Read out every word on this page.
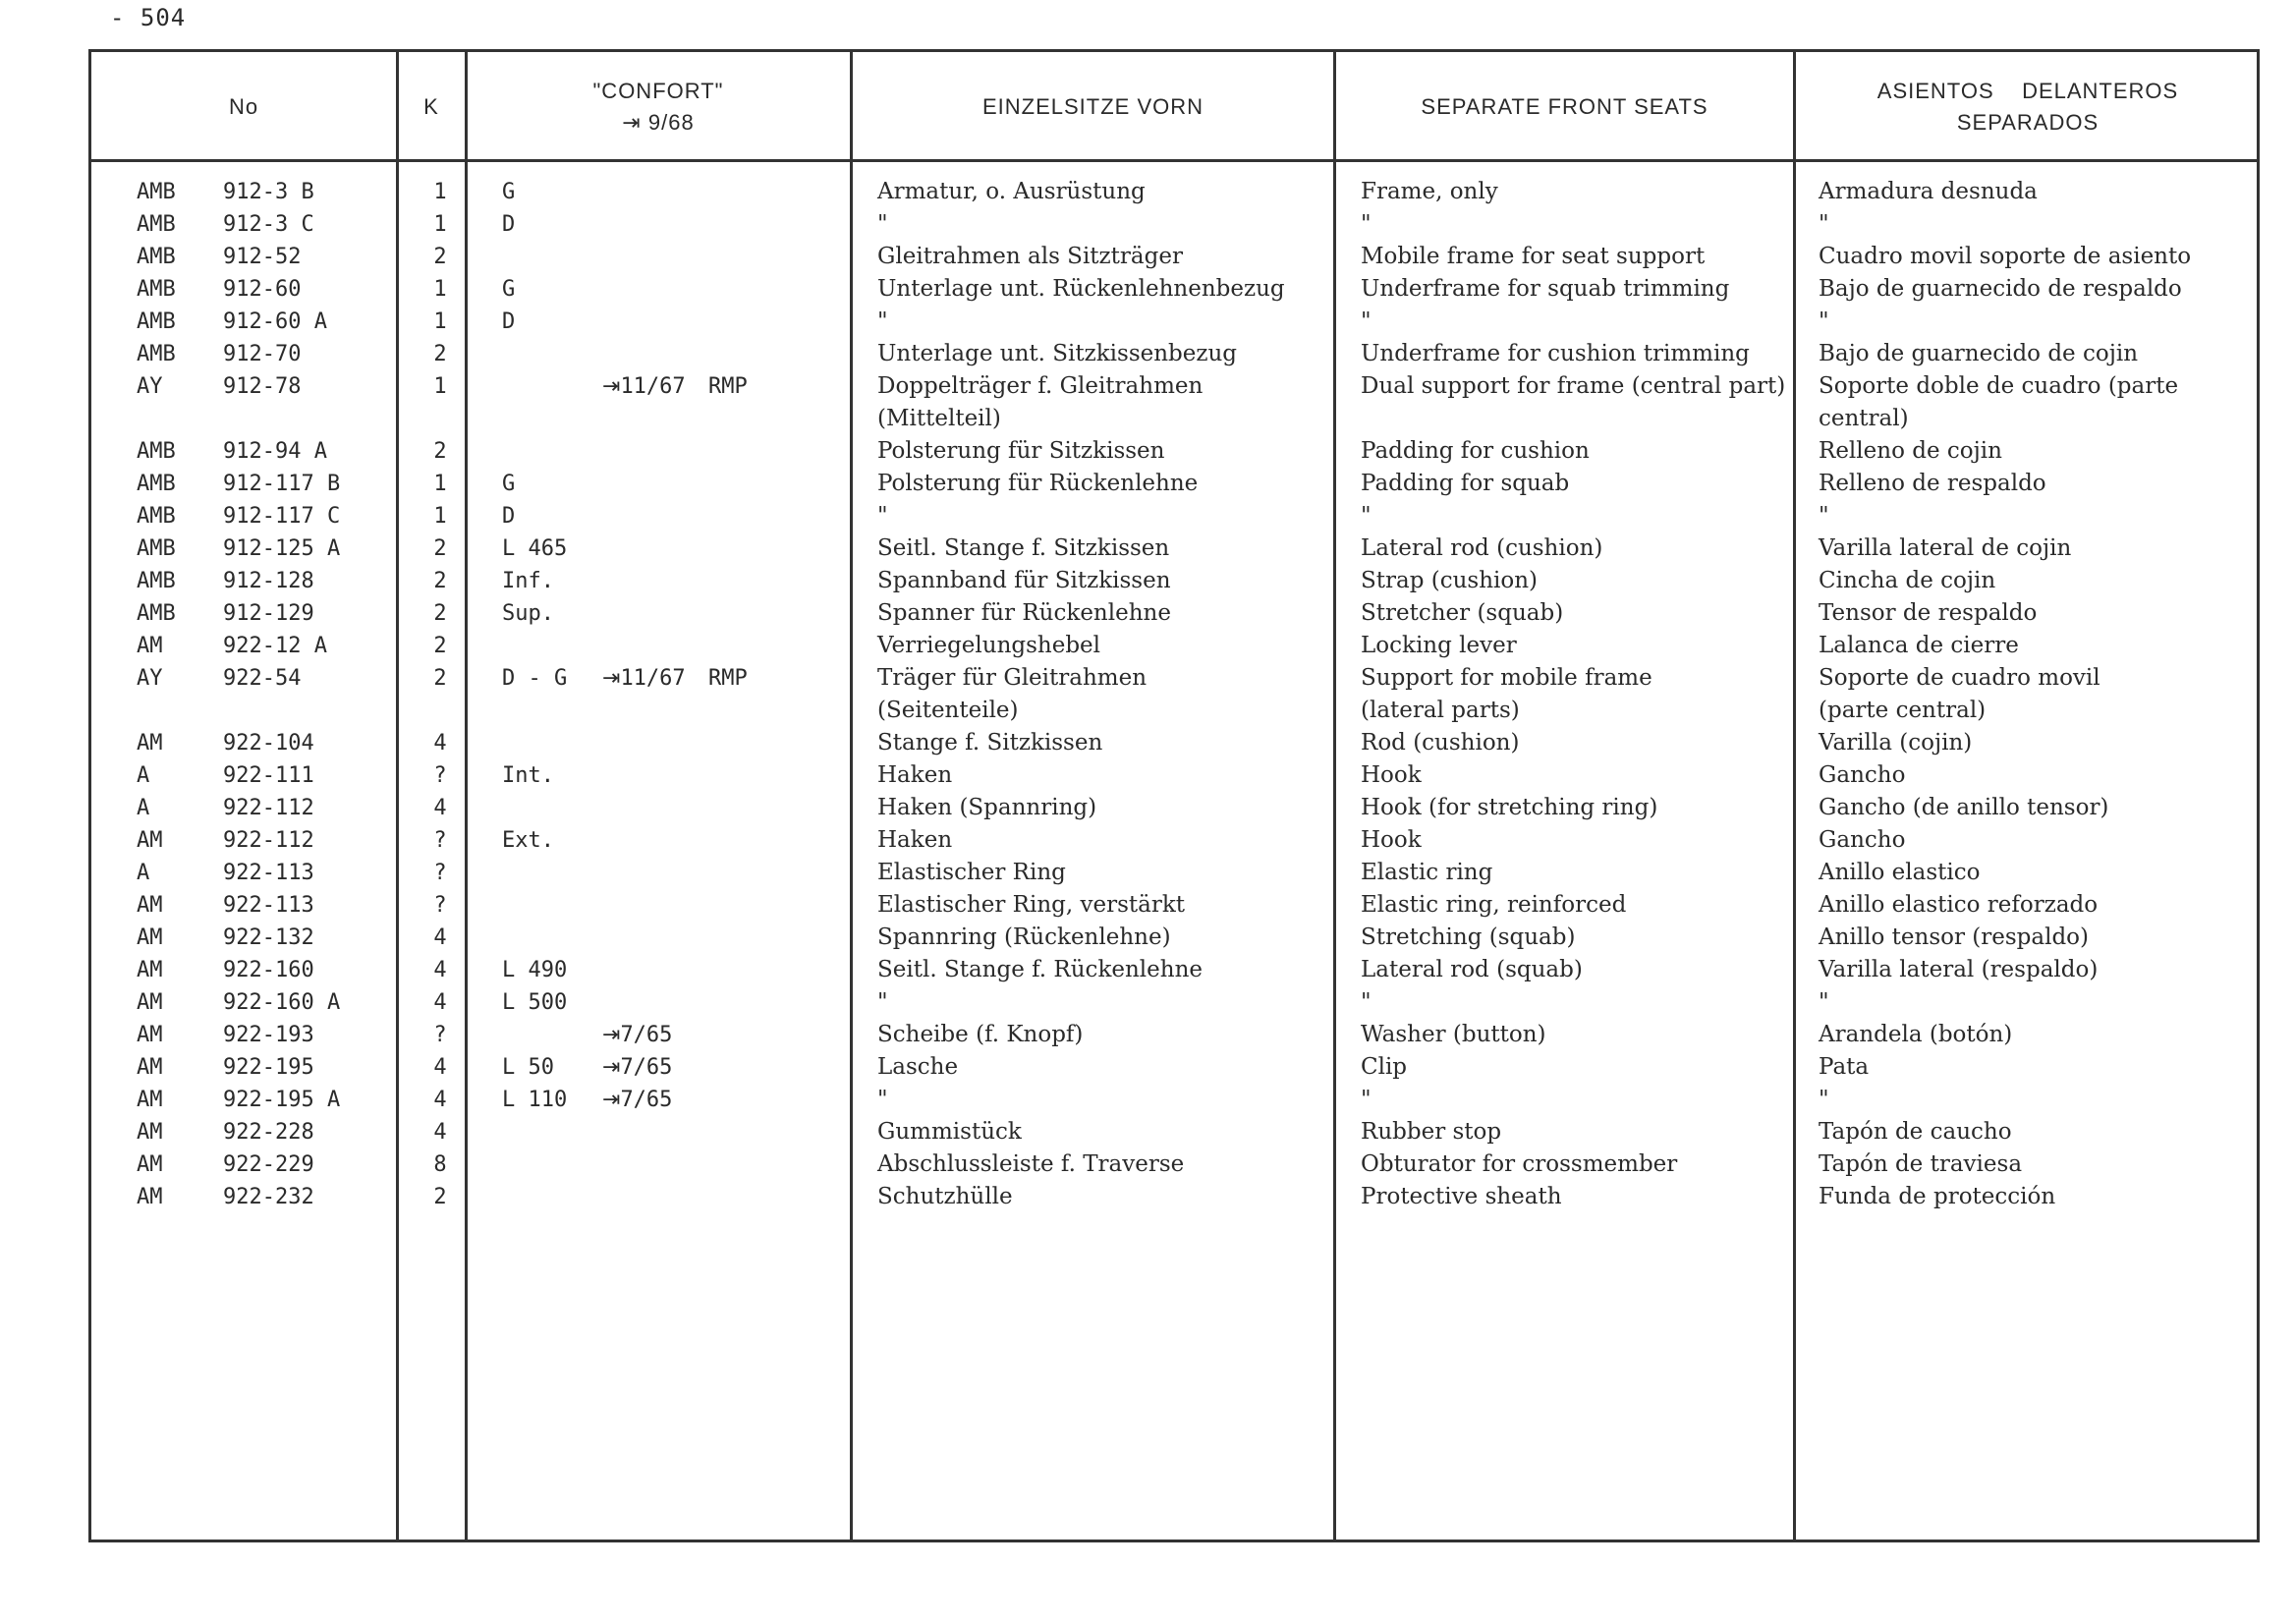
- 504
No	K
"CONFORT"
⇥ 9/68
EINZELSITZE VORN	SEPARATE FRONT SEATS
ASIENTOS    DELANTEROS
SEPARADOS
AMB 912-3 B	1	G	Armatur, o. Ausrüstung	Frame, only	Armadura desnuda
AMB 912-3 C	1	D	"	"	"
AMB 912-52	2	Gleitrahmen als Sitzträger	Mobile frame for seat support	Cuadro movil soporte de asiento
AMB 912-60	1	G	Unterlage unt. Rückenlehnenbezug	Underframe for squab trimming	Bajo de guarnecido de respaldo
AMB 912-60 A	1	D	"	"	"
AMB 912-70	2	Unterlage unt. Sitzkissenbezug	Underframe for cushion trimming	Bajo de guarnecido de cojin
AY	912-78	1	⇥11/67 RMP	Doppelträger f. Gleitrahmen	Dual support for frame (central part) Soporte doble de cuadro (parte
(Mittelteil)	central)
AMB 912-94 A	2	Polsterung für Sitzkissen	Padding for cushion	Relleno de cojin
AMB 912-117 B	1	G	Polsterung für Rückenlehne	Padding for squab	Relleno de respaldo
AMB 912-117 C	1	D	"	"	"
AMB 912-125 A	2	L 465	Seitl. Stange f. Sitzkissen	Lateral rod (cushion)	Varilla lateral de cojin
AMB 912-128	2	Inf.	Spannband für Sitzkissen	Strap (cushion)	Cincha de cojin
AMB 912-129	2	Sup.	Spanner für Rückenlehne	Stretcher (squab)	Tensor de respaldo
AM	922-12 A	2	Verriegelungshebel	Locking lever	Lalanca de cierre
AY	922-54	2	D - G ⇥11/67 RMP	Träger für Gleitrahmen	Support for mobile frame	Soporte de cuadro movil
(Seitenteile)	(lateral parts)	(parte central)
AM	922-104	4	Stange f. Sitzkissen	Rod (cushion)	Varilla (cojin)
A	922-111	?	Int.	Haken	Hook	Gancho
A	922-112	4	Haken (Spannring)	Hook (for stretching ring)	Gancho (de anillo tensor)
AM	922-112	?	Ext.	Haken	Hook	Gancho
A	922-113	?	Elastischer Ring	Elastic ring	Anillo elastico
AM	922-113	?	Elastischer Ring, verstärkt	Elastic ring, reinforced	Anillo elastico reforzado
AM	922-132	4	Spannring (Rückenlehne)	Stretching (squab)	Anillo tensor (respaldo)
AM	922-160	4	L 490	Seitl. Stange f. Rückenlehne	Lateral rod (squab)	Varilla lateral (respaldo)
AM	922-160 A	4	L 500	"	"	"
AM	922-193	?	⇥7/65	Scheibe (f. Knopf)	Washer (button)	Arandela (botón)
AM	922-195	4	L 50 ⇥7/65	Lasche	Clip	Pata
AM	922-195 A	4	L 110 ⇥7/65	"	"	"
AM	922-228	4	Gummistück	Rubber stop	Tapón de caucho
AM	922-229	8	Abschlussleiste f. Traverse	Obturator for crossmember	Tapón de traviesa
AM	922-232	2	Schutzhülle	Protective sheath	Funda de protección
